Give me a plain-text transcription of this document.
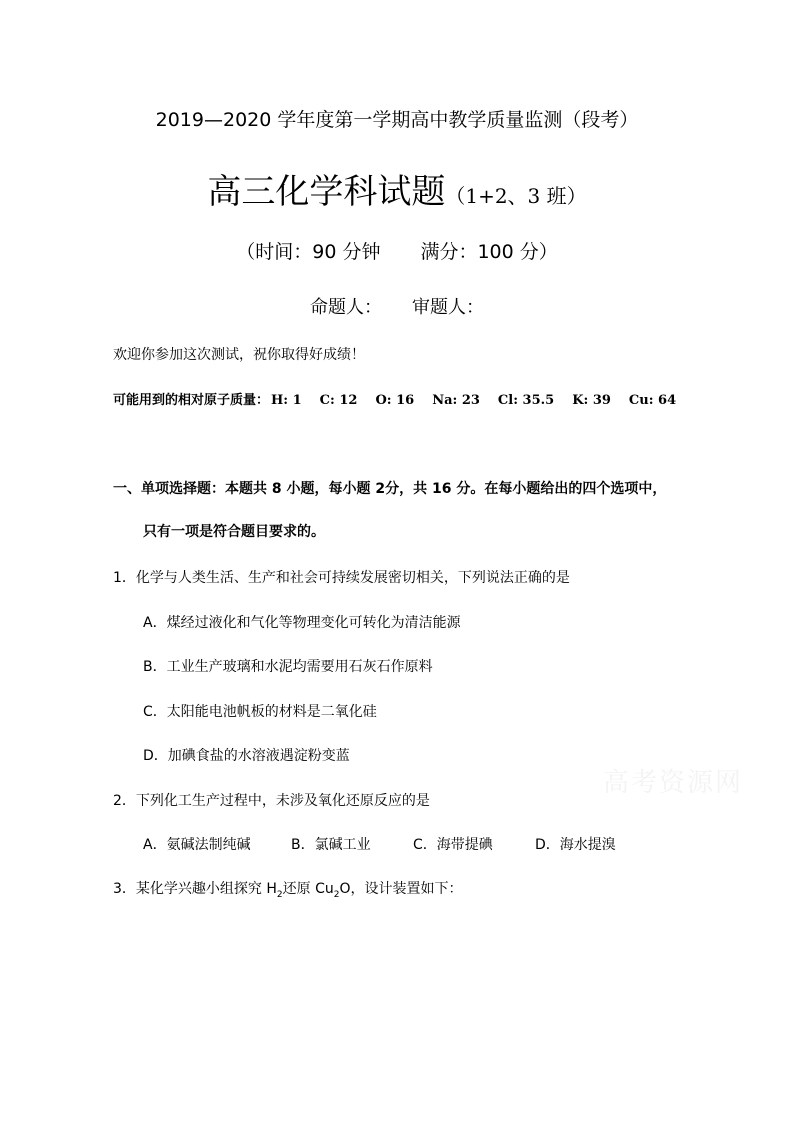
2019—2020 学年度第一学期高中教学质量监测（段考）
高三化学科试题（1+2、3 班）
（时间：90 分钟 满分：100 分）
命题人： 审题人：
欢迎你参加这次测试，祝你取得好成绩！
可能用到的相对原子质量： H: 1 C: 12 O: 16 Na: 23 Cl: 35.5 K: 39 Cu: 64
一、单项选择题：本题共 8 小题，每小题 2分，共 16 分。在每小题给出的四个选项中，
只有一项是符合题目要求的。
1．化学与人类生活、生产和社会可持续发展密切相关，下列说法正确的是
A．煤经过液化和气化等物理变化可转化为清洁能源
B．工业生产玻璃和水泥均需要用石灰石作原料
C．太阳能电池帆板的材料是二氧化硅
D．加碘食盐的水溶液遇淀粉变蓝
2．下列化工生产过程中，未涉及氧化还原反应的是
A．氨碱法制纯碱	B．氯碱工业	C．海带提碘	D．海水提溴
3．某化学兴趣小组探究 $H_2$还原 $Cu_2O$，设计装置如下：
高考资源网
